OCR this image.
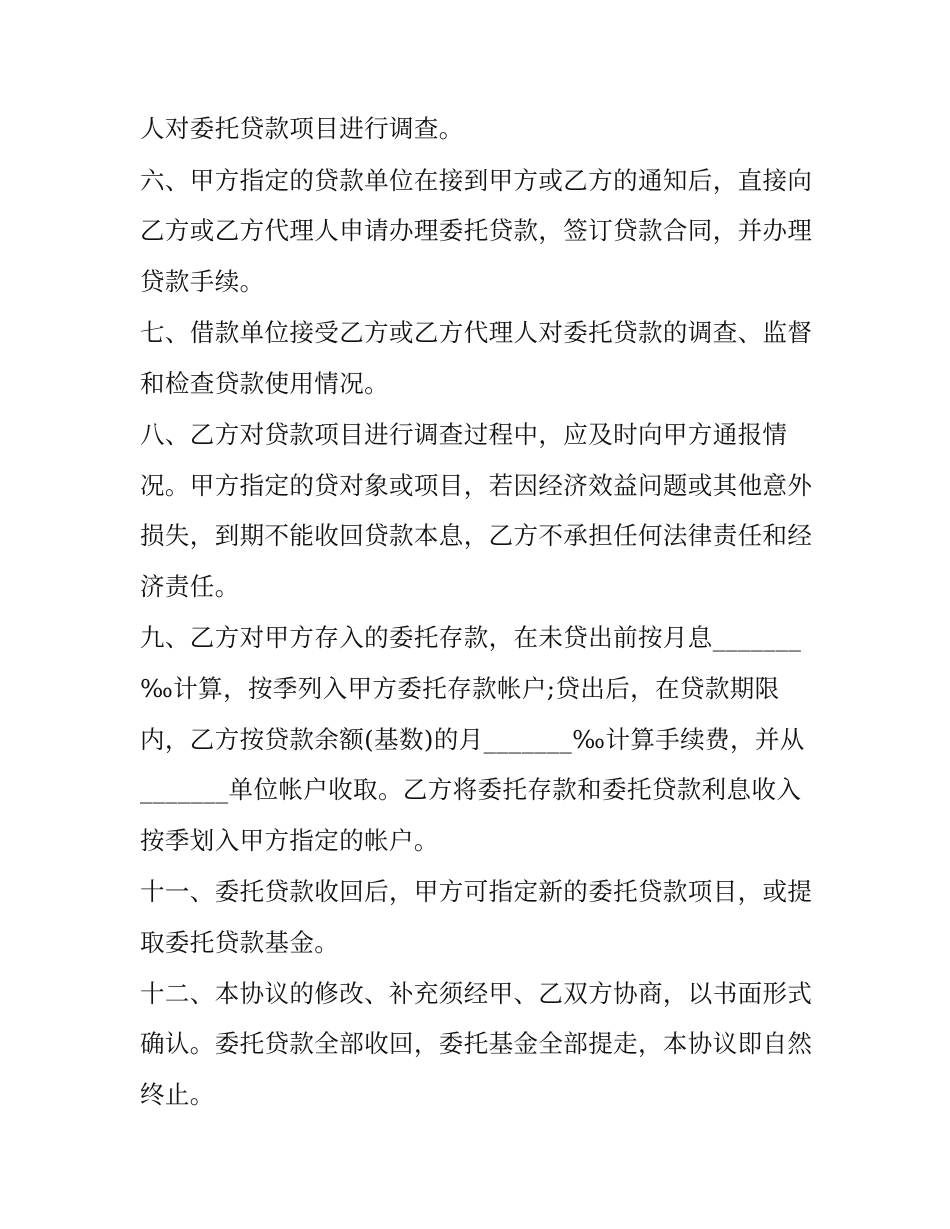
人对委托贷款项目进行调查。
六、甲方指定的贷款单位在接到甲方或乙方的通知后，直接向
乙方或乙方代理人申请办理委托贷款，签订贷款合同，并办理
贷款手续。
七、借款单位接受乙方或乙方代理人对委托贷款的调查、监督
和检查贷款使用情况。
八、乙方对贷款项目进行调查过程中，应及时向甲方通报情
况。甲方指定的贷对象或项目，若因经济效益问题或其他意外
损失，到期不能收回贷款本息，乙方不承担任何法律责任和经
济责任。
九、乙方对甲方存入的委托存款，在未贷出前按月息_______
‰计算，按季列入甲方委托存款帐户;贷出后，在贷款期限
内，乙方按贷款余额(基数)的月_______‰计算手续费，并从
_______单位帐户收取。乙方将委托存款和委托贷款利息收入
按季划入甲方指定的帐户。
十一、委托贷款收回后，甲方可指定新的委托贷款项目，或提
取委托贷款基金。
十二、本协议的修改、补充须经甲、乙双方协商，以书面形式
确认。委托贷款全部收回，委托基金全部提走，本协议即自然
终止。
